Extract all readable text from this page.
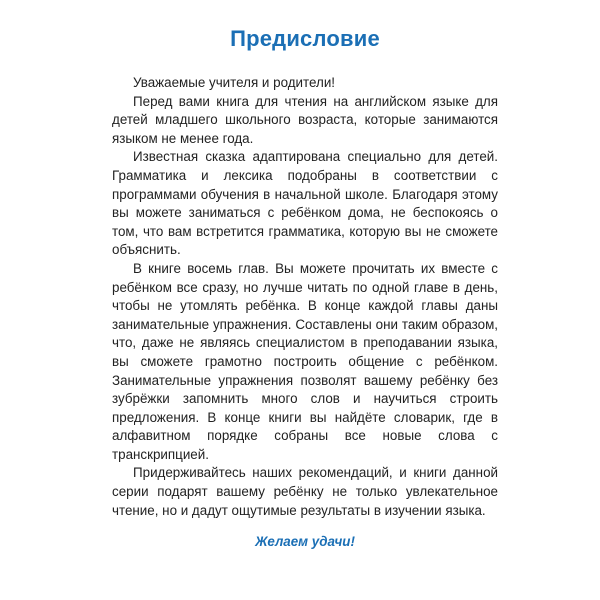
Предисловие

Уважаемые учителя и родители!

Перед вами книга для чтения на английском языке для детей младшего школьного возраста, которые занимаются языком не менее года.

Известная сказка адаптирована специально для детей. Грамматика и лексика подобраны в соответствии с программами обучения в начальной школе. Благодаря этому вы можете заниматься с ребёнком дома, не беспокоясь о том, что вам встретится грамматика, которую вы не сможете объяснить.

В книге восемь глав. Вы можете прочитать их вместе с ребёнком все сразу, но лучше читать по одной главе в день, чтобы не утомлять ребёнка. В конце каждой главы даны занимательные упражнения. Составлены они таким образом, что, даже не являясь специалистом в преподавании языка, вы сможете грамотно построить общение с ребёнком. Занимательные упражнения позволят вашему ребёнку без зубрёжки запомнить много слов и научиться строить предложения. В конце книги вы найдёте словарик, где в алфавитном порядке собраны все новые слова с транскрипцией.

Придерживайтесь наших рекомендаций, и книги данной серии подарят вашему ребёнку не только увлекательное чтение, но и дадут ощутимые результаты в изучении языка.

Желаем удачи!
